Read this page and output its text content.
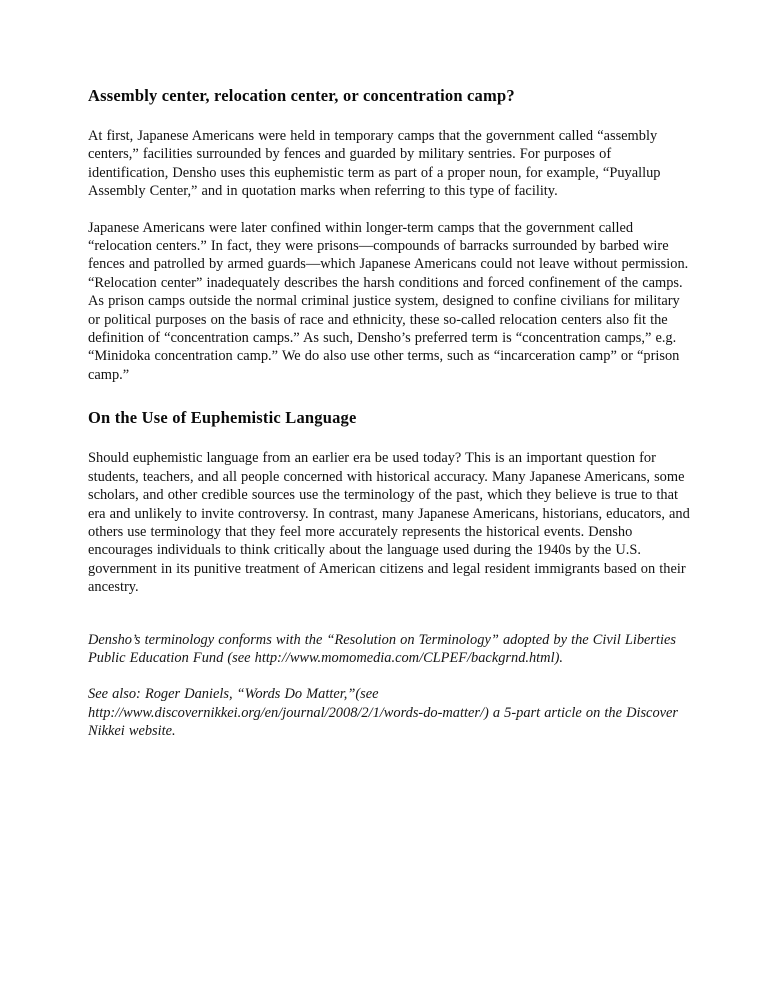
Assembly center, relocation center, or concentration camp?

At first, Japanese Americans were held in temporary camps that the government called “assembly centers,” facilities surrounded by fences and guarded by military sentries. For purposes of identification, Densho uses this euphemistic term as part of a proper noun, for example, “Puyallup Assembly Center,” and in quotation marks when referring to this type of facility.

Japanese Americans were later confined within longer-term camps that the government called “relocation centers.” In fact, they were prisons—compounds of barracks surrounded by barbed wire fences and patrolled by armed guards—which Japanese Americans could not leave without permission. “Relocation center” inadequately describes the harsh conditions and forced confinement of the camps. As prison camps outside the normal criminal justice system, designed to confine civilians for military or political purposes on the basis of race and ethnicity, these so-called relocation centers also fit the definition of “concentration camps.” As such, Densho’s preferred term is “concentration camps,” e.g. “Minidoka concentration camp.” We do also use other terms, such as “incarceration camp” or “prison camp.”

On the Use of Euphemistic Language

Should euphemistic language from an earlier era be used today? This is an important question for students, teachers, and all people concerned with historical accuracy. Many Japanese Americans, some scholars, and other credible sources use the terminology of the past, which they believe is true to that era and unlikely to invite controversy. In contrast, many Japanese Americans, historians, educators, and others use terminology that they feel more accurately represents the historical events. Densho encourages individuals to think critically about the language used during the 1940s by the U.S. government in its punitive treatment of American citizens and legal resident immigrants based on their ancestry.

Densho’s terminology conforms with the “Resolution on Terminology” adopted by the Civil Liberties Public Education Fund (see http://www.momomedia.com/CLPEF/backgrnd.html).

See also: Roger Daniels, “Words Do Matter,”(see http://www.discovernikkei.org/en/journal/2008/2/1/words-do-matter/) a 5-part article on the Discover Nikkei website.
